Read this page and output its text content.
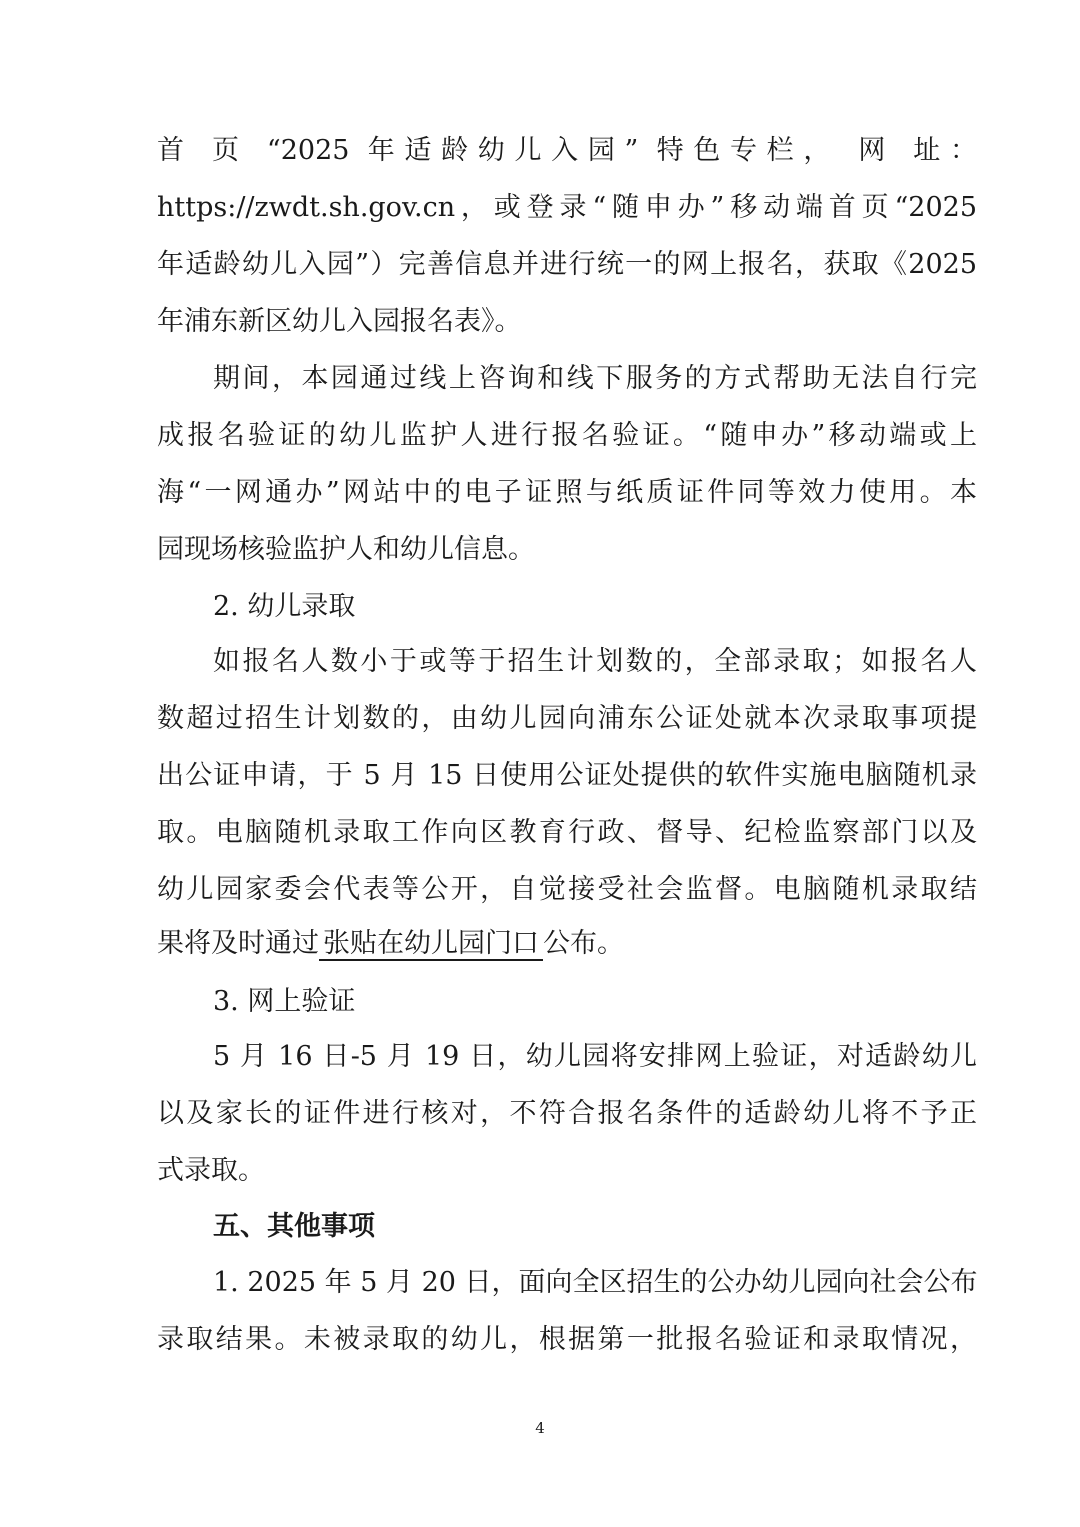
首 页 “2025 年适龄幼儿入园” 特色专栏， 网 址：
https://zwdt.sh.gov.cn，或登录“随申办”移动端首页“2025
年适龄幼儿入园”）完善信息并进行统一的网上报名，获取《2025
年浦东新区幼儿入园报名表》。
期间，本园通过线上咨询和线下服务的方式帮助无法自行完
成报名验证的幼儿监护人进行报名验证。“随申办”移动端或上
海“一网通办”网站中的电子证照与纸质证件同等效力使用。本
园现场核验监护人和幼儿信息。
2. 幼儿录取
如报名人数小于或等于招生计划数的，全部录取；如报名人
数超过招生计划数的，由幼儿园向浦东公证处就本次录取事项提
出公证申请，于 5 月 15 日使用公证处提供的软件实施电脑随机录
取。电脑随机录取工作向区教育行政、督导、纪检监察部门以及
幼儿园家委会代表等公开，自觉接受社会监督。电脑随机录取结
果将及时通过 张贴在幼儿园门口 公布。
3. 网上验证
5 月 16 日-5 月 19 日，幼儿园将安排网上验证，对适龄幼儿
以及家长的证件进行核对，不符合报名条件的适龄幼儿将不予正
式录取。
五、其他事项
1. 2025 年 5 月 20 日，面向全区招生的公办幼儿园向社会公布
录取结果。未被录取的幼儿，根据第一批报名验证和录取情况，
4
